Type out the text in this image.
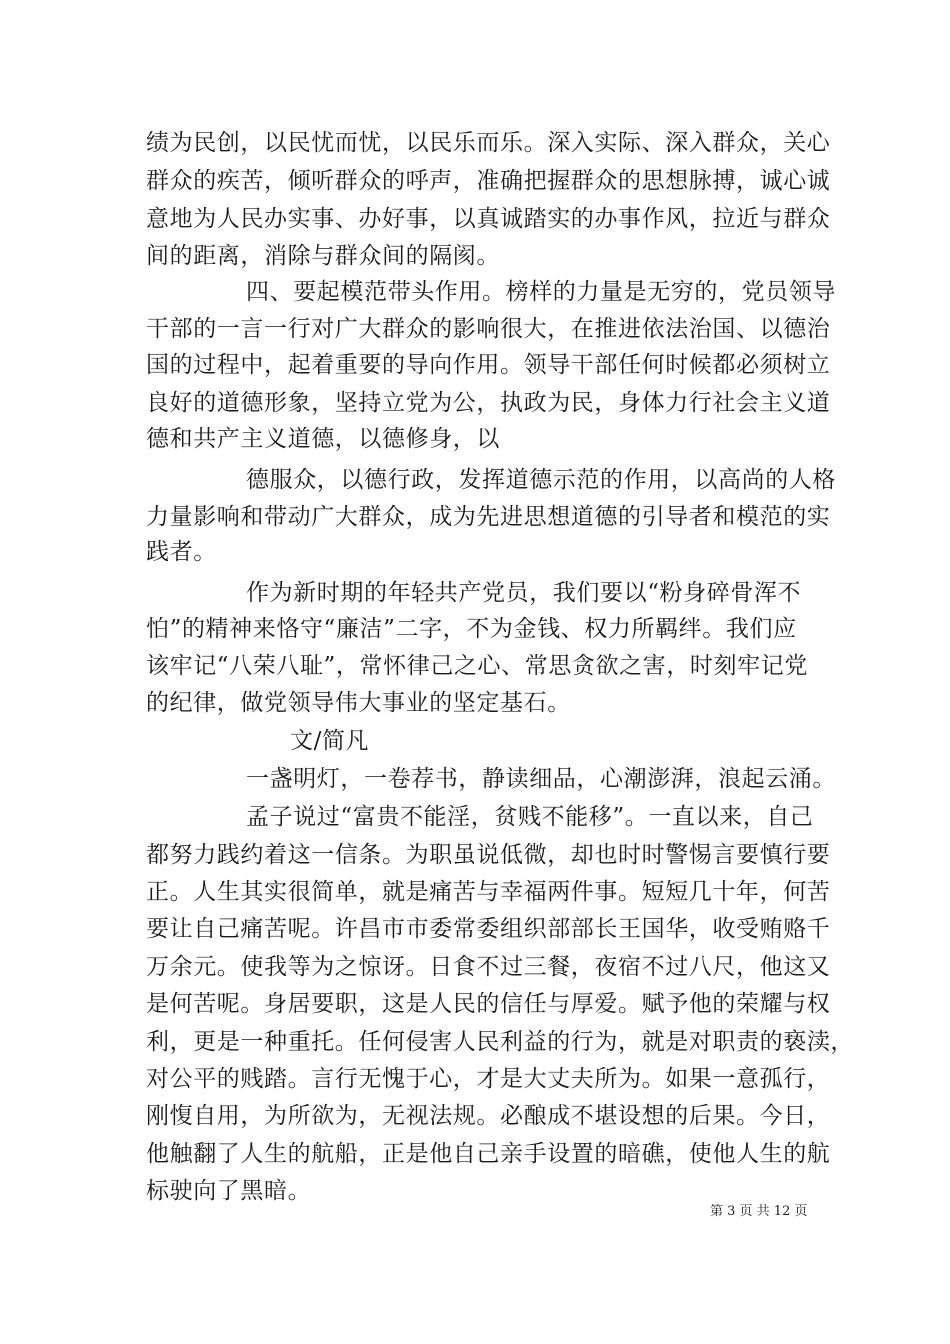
绩为民创，以民忧而忧，以民乐而乐。深入实际、深入群众，关心
群众的疾苦，倾听群众的呼声，准确把握群众的思想脉搏，诚心诚
意地为人民办实事、办好事，以真诚踏实的办事作风，拉近与群众
间的距离，消除与群众间的隔阂。
四、要起模范带头作用。榜样的力量是无穷的，党员领导
干部的一言一行对广大群众的影响很大，在推进依法治国、以德治
国的过程中，起着重要的导向作用。领导干部任何时候都必须树立
良好的道德形象，坚持立党为公，执政为民，身体力行社会主义道
德和共产主义道德，以德修身，以
德服众，以德行政，发挥道德示范的作用，以高尚的人格
力量影响和带动广大群众，成为先进思想道德的引导者和模范的实
践者。
作为新时期的年轻共产党员，我们要以“粉身碎骨浑不
怕”的精神来恪守“廉洁”二字，不为金钱、权力所羁绊。我们应
该牢记“八荣八耻”，常怀律己之心、常思贪欲之害，时刻牢记党
的纪律，做党领导伟大事业的坚定基石。
文/简凡
一盏明灯，一卷荐书，静读细品，心潮澎湃，浪起云涌。
孟子说过“富贵不能淫，贫贱不能移”。一直以来，自己
都努力践约着这一信条。为职虽说低微，却也时时警惕言要慎行要
正。人生其实很简单，就是痛苦与幸福两件事。短短几十年，何苦
要让自己痛苦呢。许昌市市委常委组织部部长王国华，收受贿赂千
万余元。使我等为之惊讶。日食不过三餐，夜宿不过八尺，他这又
是何苦呢。身居要职，这是人民的信任与厚爱。赋予他的荣耀与权
利，更是一种重托。任何侵害人民利益的行为，就是对职责的亵渎，
对公平的贱踏。言行无愧于心，才是大丈夫所为。如果一意孤行，
刚愎自用，为所欲为，无视法规。必酿成不堪设想的后果。今日，
他触翻了人生的航船，正是他自己亲手设置的暗礁，使他人生的航
标驶向了黑暗。
第 3 页 共 12 页
